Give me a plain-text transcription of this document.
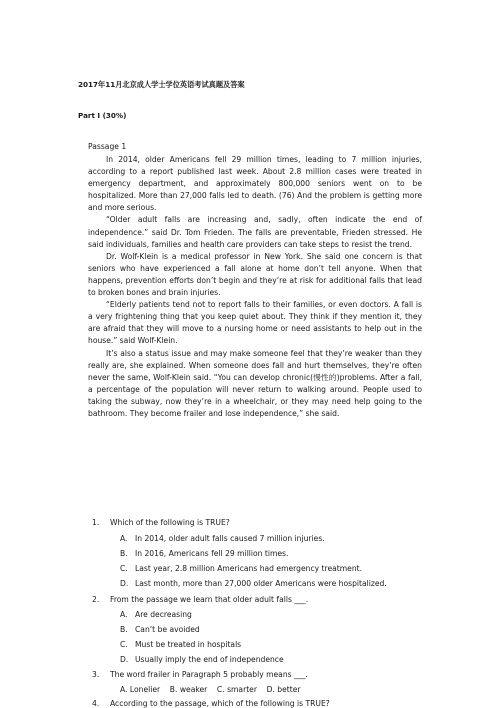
2017年11月北京成人学士学位英语考试真题及答案
Part I (30%)
Passage 1

In 2014, older Americans fell 29 million times, leading to 7 million injuries, according to a report published last week. About 2.8 million cases were treated in emergency department, and approximately 800,000 seniors went on to be hospitalized. More than 27,000 falls led to death. (76) And the problem is getting more and more serious.

“Older adult falls are increasing and, sadly, often indicate the end of independence.” said Dr. Tom Frieden. The falls are preventable, Frieden stressed. He said individuals, families and health care providers can take steps to resist the trend.

Dr. Wolf-Klein is a medical professor in New York. She said one concern is that seniors who have experienced a fall alone at home don’t tell anyone. When that happens, prevention efforts don’t begin and they’re at risk for additional falls that lead to broken bones and brain injuries.

“Elderly patients tend not to report falls to their families, or even doctors. A fall is a very frightening thing that you keep quiet about. They think if they mention it, they are afraid that they will move to a nursing home or need assistants to help out in the house.” said Wolf-Klein.

It’s also a status issue and may make someone feel that they’re weaker than they really are, she explained. When someone does fall and hurt themselves, they’re often never the same, Wolf-Klein said. “You can develop chronic(慢性的)problems. After a fall, a percentage of the population will never return to walking around. People used to taking the subway, now they’re in a wheelchair, or they may need help going to the bathroom. They become frailer and lose independence,” she said.

1. Which of the following is TRUE?
A. In 2014, older adult falls caused 7 million injuries.
B. In 2016, Americans fell 29 million times.
C. Last year, 2.8 million Americans had emergency treatment.
D. Last month, more than 27,000 older Americans were hospitalized.
2. From the passage we learn that older adult falls ___.
A. Are decreasing
B. Can’t be avoided
C. Must be treated in hospitals
D. Usually imply the end of independence
3. The word frailer in Paragraph 5 probably means ___.
A. Lonelier    B. weaker    C. smarter    D. better
4. According to the passage, which of the following is TRUE?
